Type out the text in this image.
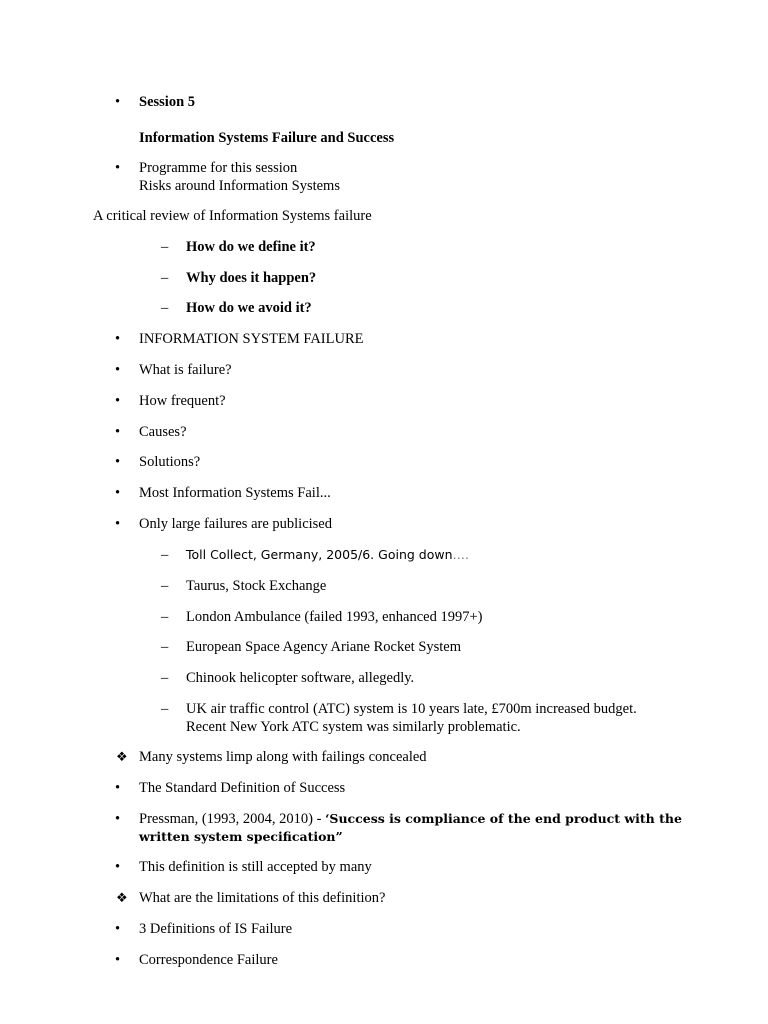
• Session 5
Information Systems Failure and Success
• Programme for this session
Risks around Information Systems
A critical review of Information Systems failure
– How do we define it?
– Why does it happen?
– How do we avoid it?
• INFORMATION SYSTEM FAILURE
• What is failure?
• How frequent?
• Causes?
• Solutions?
• Most Information Systems Fail...
• Only large failures are publicised
– Toll Collect, Germany, 2005/6. Going down….
– Taurus, Stock Exchange
– London Ambulance (failed 1993, enhanced 1997+)
– European Space Agency Ariane Rocket System
– Chinook helicopter software, allegedly.
– UK air traffic control (ATC) system is 10 years late, £700m increased budget.
Recent New York ATC system was similarly problematic.
❖ Many systems limp along with failings concealed
• The Standard Definition of Success
• Pressman, (1993, 2004, 2010) - ‘Success is compliance of the end product with the
written system specification”
• This definition is still accepted by many
❖ What are the limitations of this definition?
• 3 Definitions of IS Failure
• Correspondence Failure
